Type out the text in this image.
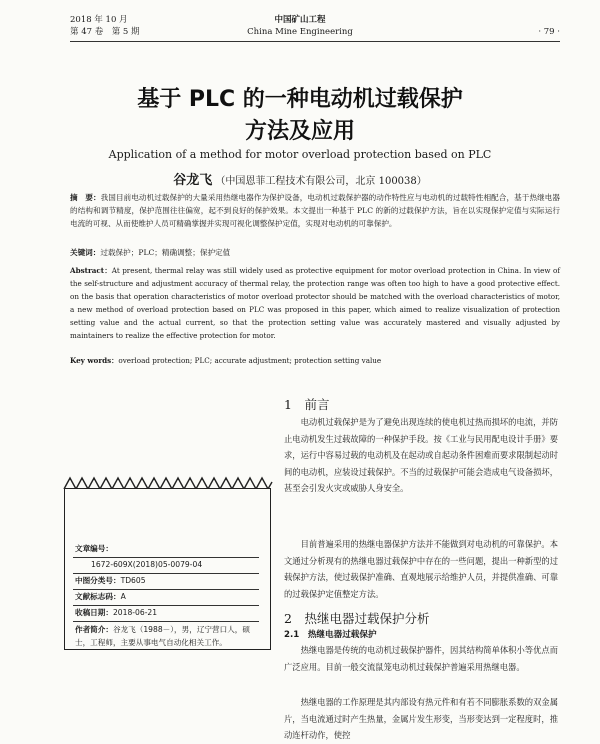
2018 年 10 月
第 47 卷　第 5 期
中国矿山工程
China Mine Engineering	· 79 ·
基于 PLC 的一种电动机过载保护
方法及应用
Application of a method for motor overload protection based on PLC
谷龙飞 （中国恩菲工程技术有限公司，北京 100038）
摘　要：我国目前电动机过载保护的大量采用热继电器作为保护设备，电动机过载保护器的动作特性应与电动机的过载特性相配合，基于热继电器的结构和调节精度，保护范围往往偏宽，起不到良好的保护效果。本文提出一种基于 PLC 的新的过载保护方法，旨在以实现保护定值与实际运行电流的可视、从而使维护人员可精确掌握并实现可视化调整保护定值，实现对电动机的可靠保护。
关键词：过载保护；PLC；精确调整；保护定值
Abstract：At present, thermal relay was still widely used as protective equipment for motor overload protection in China. In view of the self-structure and adjustment accuracy of thermal relay, the protection range was often too high to have a good protective effect. on the basis that operation characteristics of motor overload protector should be matched with the overload characteristics of motor, a new method of overload protection based on PLC was proposed in this paper, which aimed to realize visualization of protection setting value and the actual current, so that the protection setting value was accurately mastered and visually adjusted by maintainers to realize the effective protection for motor.
Key words：overload protection; PLC; accurate adjustment; protection setting value
文章编号：
1672-609X(2018)05-0079-04
中图分类号：TD605
文献标志码：A
收稿日期：2018-06-21
作者简介：谷龙飞（1988－），男，辽宁营口人，硕士，工程师，主要从事电气自动化相关工作。
1　前言
电动机过载保护是为了避免出现连续的使电机过热而损坏的电流，并防止电动机发生过载故障的一种保护手段。按《工业与民用配电设计手册》要求，运行中容易过载的电动机及在起动或自起动条件困难而要求限制起动时间的电动机，应装设过载保护。不当的过载保护可能会造成电气设备损坏，甚至会引发火灾或威胁人身安全。
目前普遍采用的热继电器保护方法并不能做到对电动机的可靠保护。本文通过分析现有的热继电器过载保护中存在的一些问题，提出一种新型的过载保护方法，使过载保护准确、直观地展示给维护人员，并提供准确、可靠的过载保护定值整定方法。
2　热继电器过载保护分析
2.1　热继电器过载保护
热继电器是传统的电动机过载保护器件，因其结构简单体积小等优点而广泛应用。目前一般交流鼠笼电动机过载保护普遍采用热继电器。
热继电器的工作原理是其内部设有热元件和有若不同膨胀系数的双金属片，当电流通过时产生热量，金属片发生形变，当形变达到一定程度时，推动连杆动作，使控
